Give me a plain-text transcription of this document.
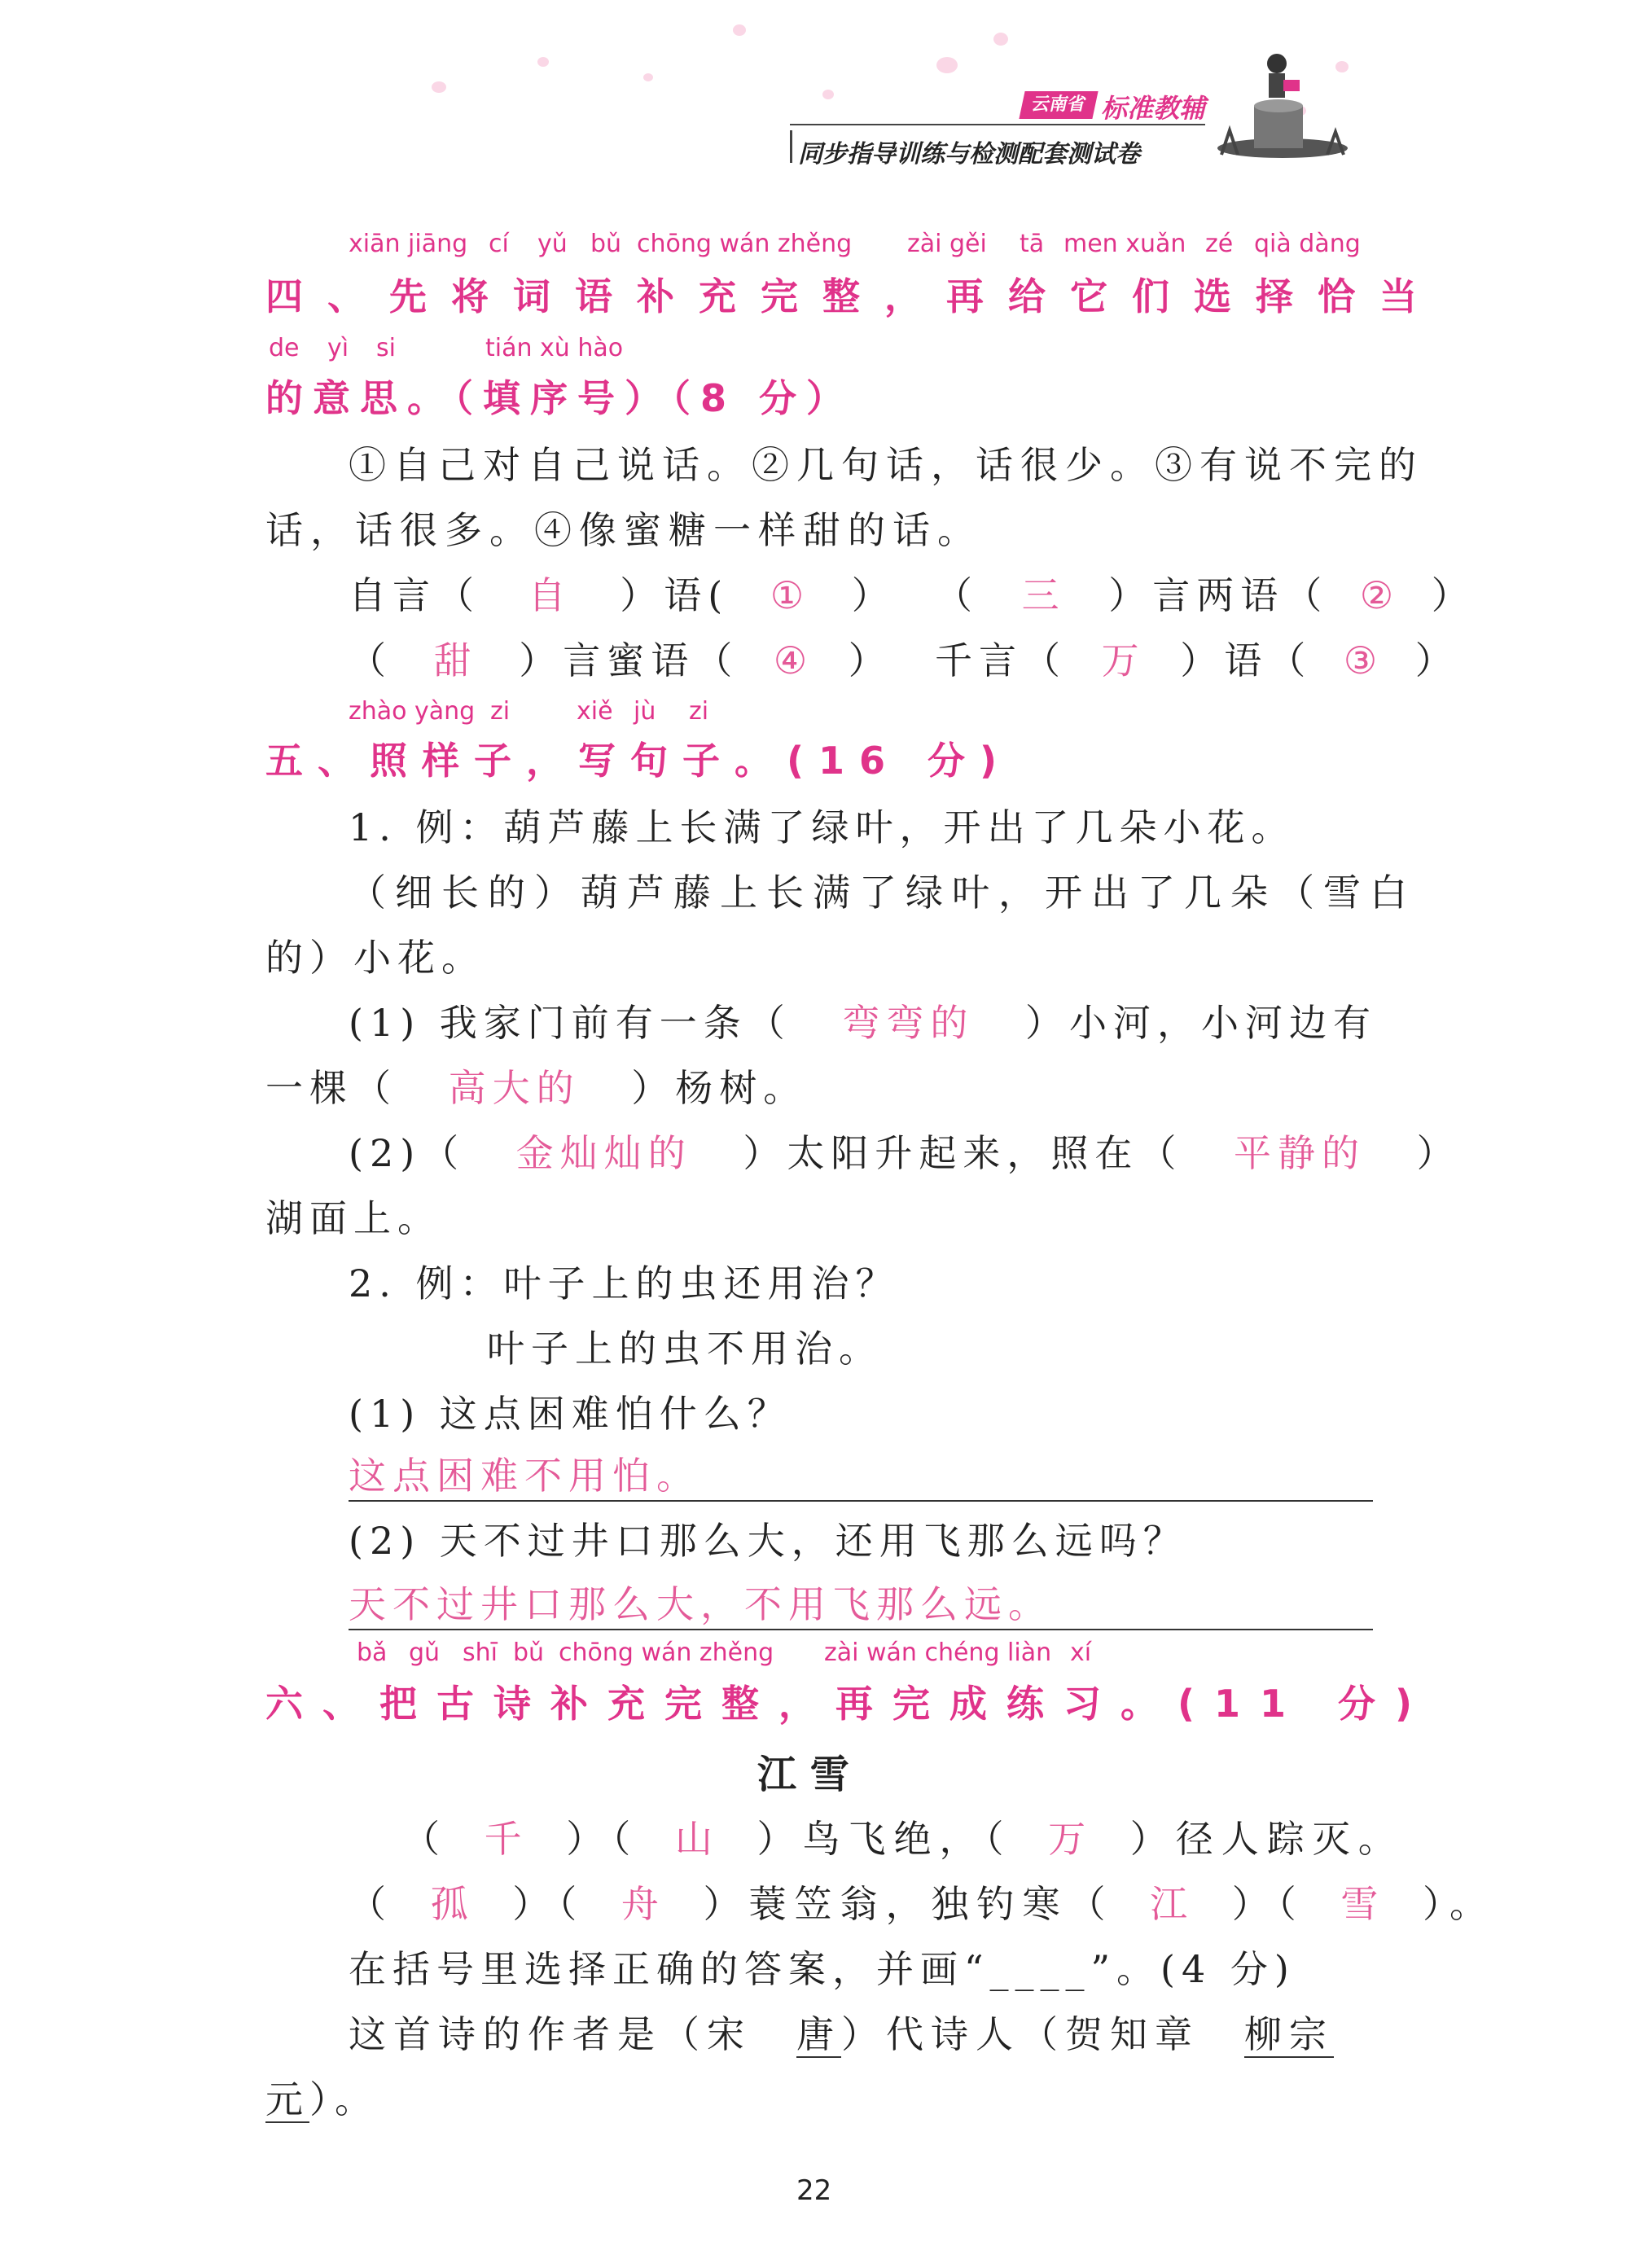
云南省 标准教辅
同步指导训练与检测配套测试卷
xiān jiāng cí yǔ bǔ chōng wán zhěng zài gěi tā men xuǎn zé qià dàng
四、先将词语补充完整，再给它们选择恰当
de yì si	tián xù hào
的意思。（填序号）（8 分）
①自己对自己说话。②几句话，话很少。③有说不完的
话，话很多。④像蜜糖一样甜的话。
自言（ 自 ）语( ① ） （ 三 ）言两语（ ② ）
（ 甜 ）言蜜语（ ④ ） 千言（ 万 ）语（ ③ ）
zhào yàng zi	xiě jù zi
五、照样子，写句子。(16 分)
1. 例：葫芦藤上长满了绿叶，开出了几朵小花。
（细长的）葫芦藤上长满了绿叶，开出了几朵（雪白
的）小花。
(1) 我家门前有一条（ 弯弯的 ）小河，小河边有
一棵（ 高大的 ）杨树。
(2)（ 金灿灿的 ）太阳升起来，照在（ 平静的 ）
湖面上。
2. 例：叶子上的虫还用治？
叶子上的虫不用治。
(1) 这点困难怕什么？
这点困难不用怕。
(2) 天不过井口那么大，还用飞那么远吗？
天不过井口那么大，不用飞那么远。
bǎ gǔ shī bǔ chōng wán zhěng zài wán chéng liàn xí
六、把古诗补充完整，再完成练习。(11 分)
江 雪
（ 千 ）（ 山 ）鸟飞绝，（ 万 ）径人踪灭。
（ 孤 ）（ 舟 ）蓑笠翁，独钓寒（ 江 ）（ 雪 ）。
在括号里选择正确的答案，并画“____”。(4 分)
这首诗的作者是（宋　唐）代诗人（贺知章　柳宗
元）。
22
